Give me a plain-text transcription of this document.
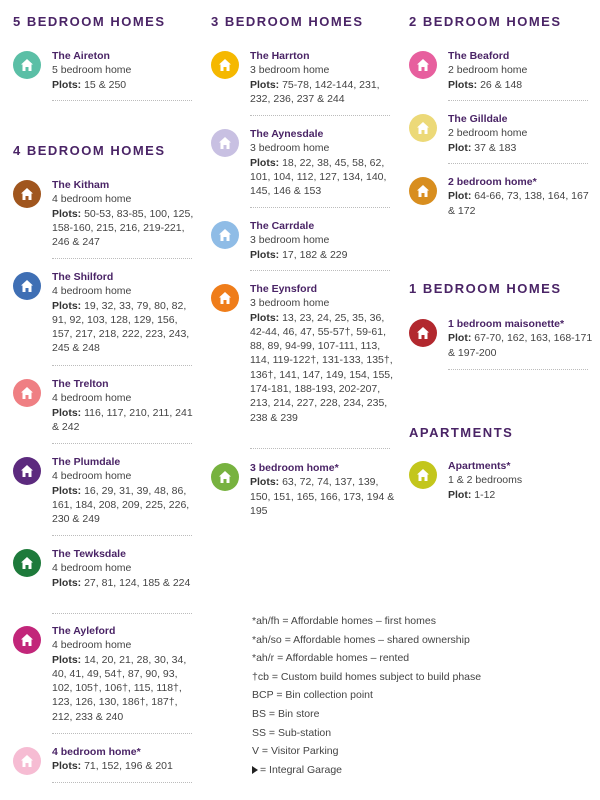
5 BEDROOM HOMES
4 BEDROOM HOMES
3 BEDROOM HOMES	2 BEDROOM HOMES
1 BEDROOM HOMES
APARTMENTS
The Aireton
5 bedroom home
Plots: 15 & 250
The Kitham
4 bedroom home
Plots: 50-53, 83-85, 100, 125, 158-160, 215, 216, 219-221, 246 & 247
The Shilford
4 bedroom home
Plots: 19, 32, 33, 79, 80, 82, 91, 92, 103, 128, 129, 156, 157, 217, 218, 222, 223, 243, 245 & 248
The Trelton
4 bedroom home
Plots: 116, 117, 210, 211, 241 & 242
The Plumdale
4 bedroom home
Plots: 16, 29, 31, 39, 48, 86, 161, 184, 208, 209, 225, 226, 230 & 249
The Tewksdale
4 bedroom home
Plots: 27, 81, 124, 185 & 224
The Ayleford
4 bedroom home
Plots: 14, 20, 21, 28, 30, 34, 40, 41, 49, 54†, 87, 90, 93, 102, 105†, 106†, 115, 118†, 123, 126, 130, 186†, 187†, 212, 233 & 240
4 bedroom home*
Plots: 71, 152, 196 & 201
The Harrton
3 bedroom home
Plots: 75-78, 142-144, 231, 232, 236, 237 & 244
The Aynesdale
3 bedroom home
Plots: 18, 22, 38, 45, 58, 62, 101, 104, 112, 127, 134, 140, 145, 146 & 153
The Carrdale
3 bedroom home
Plots: 17, 182 & 229
The Eynsford
3 bedroom home
Plots: 13, 23, 24, 25, 35, 36, 42-44, 46, 47, 55-57†, 59-61, 88, 89, 94-99, 107-111, 113, 114, 119-122†, 131-133, 135†, 136†, 141, 147, 149, 154, 155, 174-181, 188-193, 202-207, 213, 214, 227, 228, 234, 235, 238 & 239
3 bedroom home*
Plots: 63, 72, 74, 137, 139, 150, 151, 165, 166, 173, 194 & 195
The Beaford
2 bedroom home
Plots: 26 & 148
The Gilldale
2 bedroom home
Plot: 37 & 183
2 bedroom home*
Plot: 64-66, 73, 138, 164, 167 & 172
1 bedroom maisonette*
Plot: 67-70, 162, 163, 168-171 & 197-200
Apartments*
1 & 2 bedrooms
Plot: 1-12
*ah/fh = Affordable homes – first homes
*ah/so = Affordable homes – shared ownership
*ah/r = Affordable homes – rented
†cb = Custom build homes subject to build phase
BCP = Bin collection point
BS = Bin store
SS = Sub-station
V = Visitor Parking
= Integral Garage
